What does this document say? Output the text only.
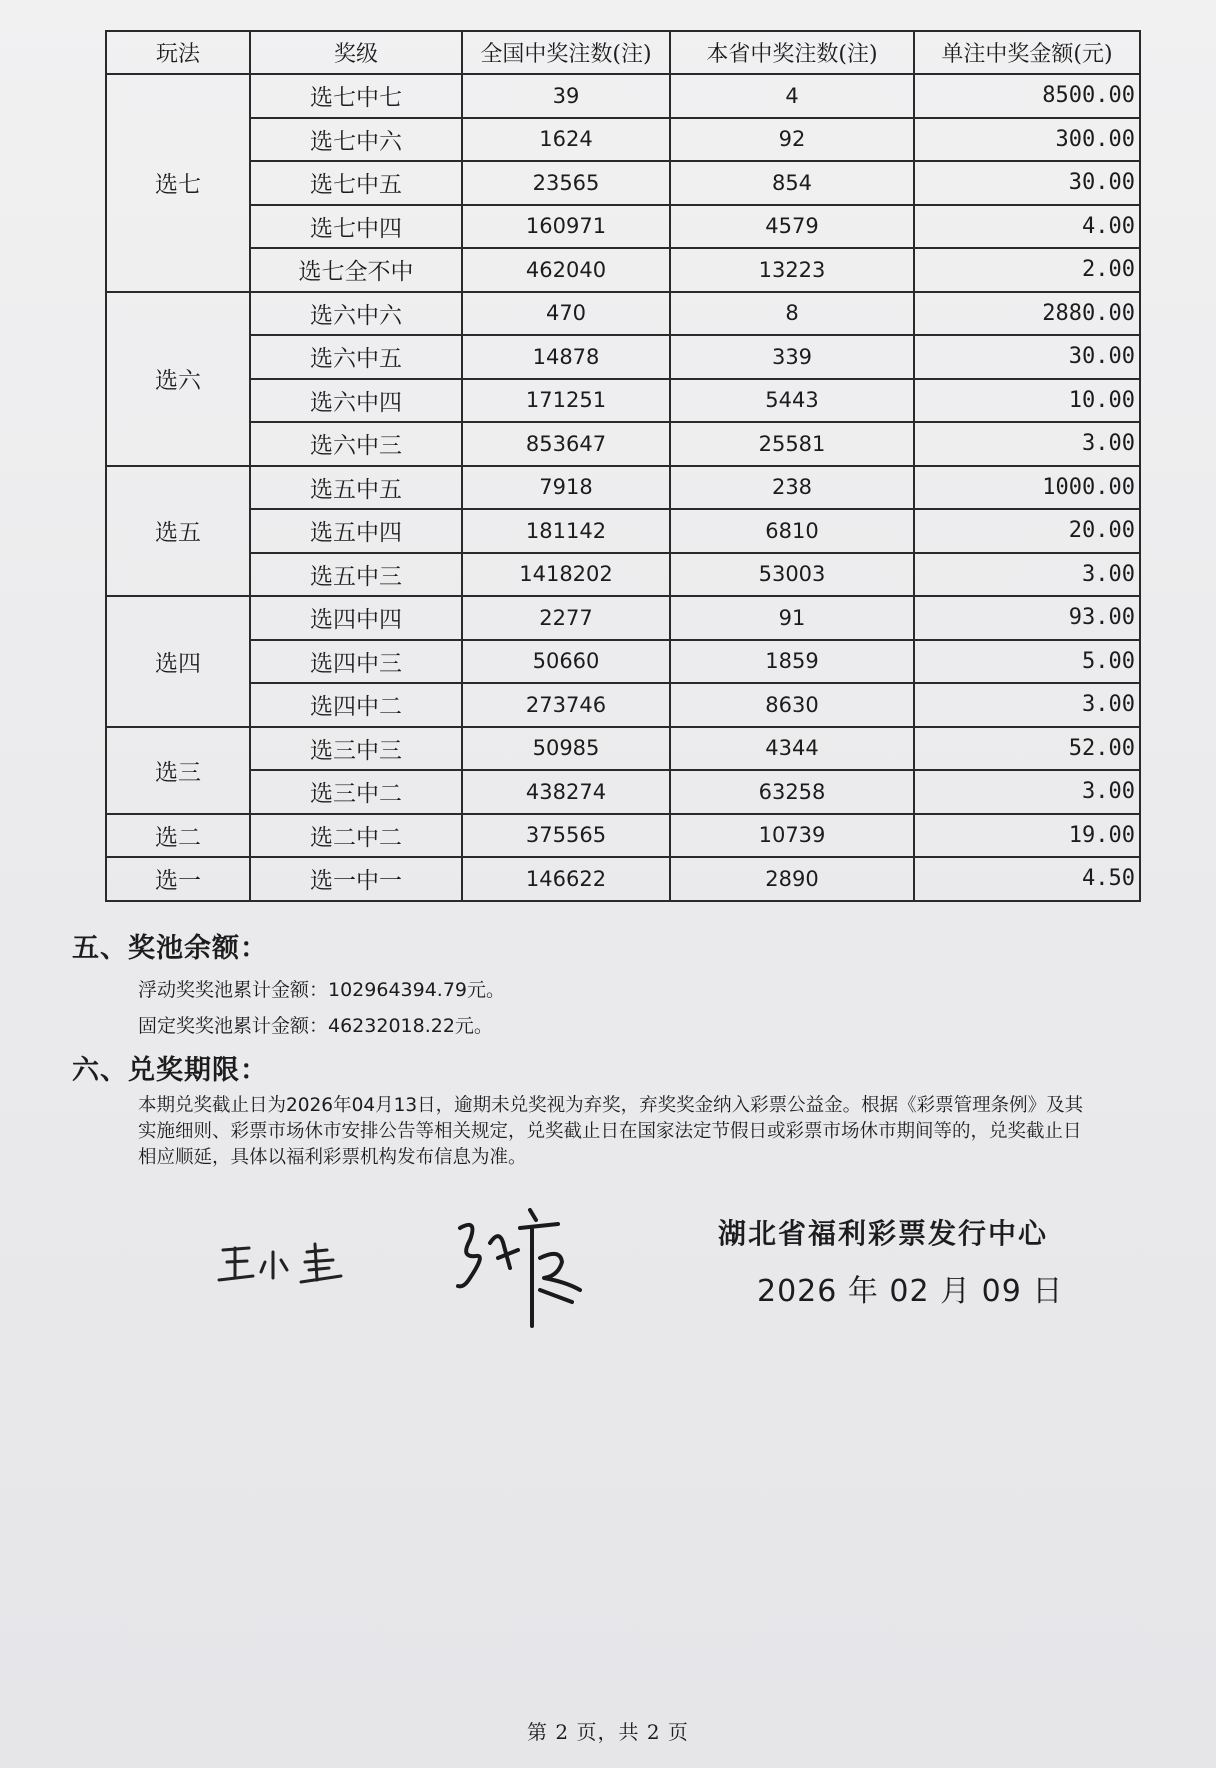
玩法	奖级	全国中奖注数(注)	本省中奖注数(注)	单注中奖金额(元)
选七	选七中七	39	4	8500.00
	选七中六	1624	92	300.00
	选七中五	23565	854	30.00
	选七中四	160971	4579	4.00
	选七全不中	462040	13223	2.00
选六	选六中六	470	8	2880.00
	选六中五	14878	339	30.00
	选六中四	171251	5443	10.00
	选六中三	853647	25581	3.00
选五	选五中五	7918	238	1000.00
	选五中四	181142	6810	20.00
	选五中三	1418202	53003	3.00
选四	选四中四	2277	91	93.00
	选四中三	50660	1859	5.00
	选四中二	273746	8630	3.00
选三	选三中三	50985	4344	52.00
	选三中二	438274	63258	3.00
选二	选二中二	375565	10739	19.00
选一	选一中一	146622	2890	4.50
五、奖池余额：
浮动奖奖池累计金额：102964394.79元。
固定奖奖池累计金额：46232018.22元。
六、兑奖期限：
本期兑奖截止日为2026年04月13日，逾期未兑奖视为弃奖，弃奖奖金纳入彩票公益金。根据《彩票管理条例》及其实施细则、彩票市场休市安排公告等相关规定，兑奖截止日在国家法定节假日或彩票市场休市期间等的，兑奖截止日相应顺延，具体以福利彩票机构发布信息为准。
湖北省福利彩票发行中心
2026 年 02 月 09 日
第 2 页，共 2 页
